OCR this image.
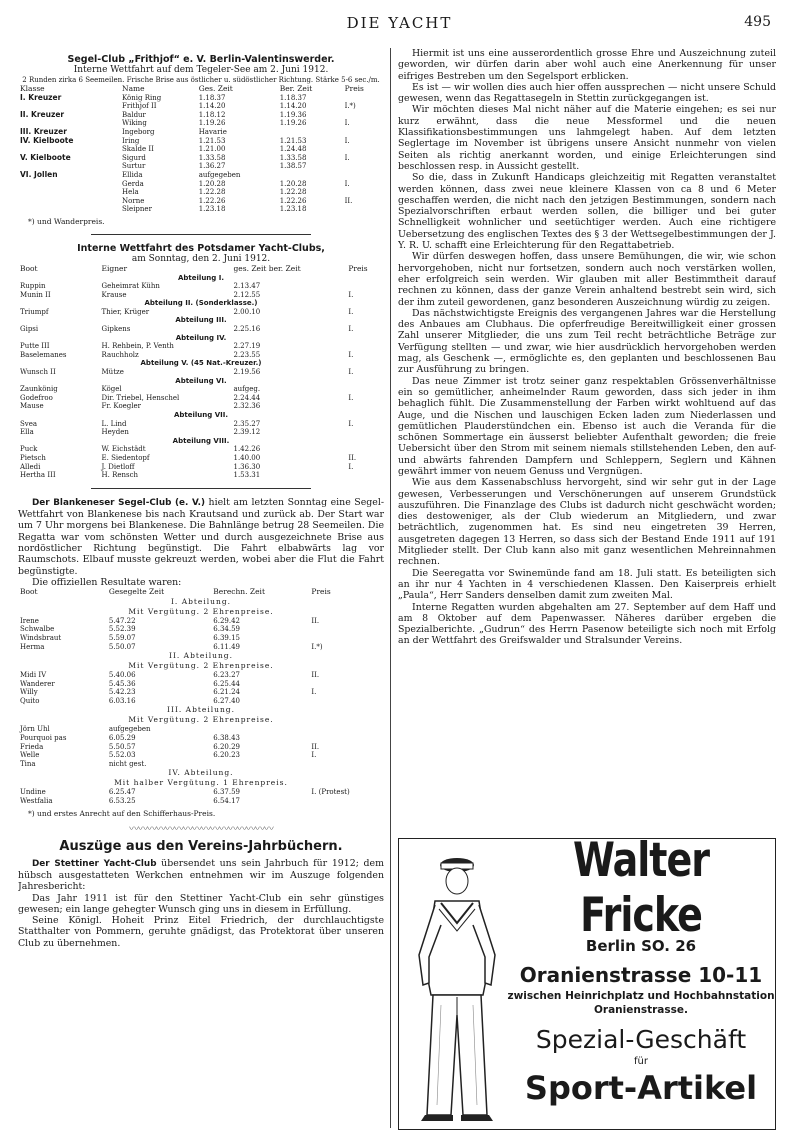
DIE YACHT	495
Segel-Club „Frithjof“ e. V. Berlin-Valentinswerder.
Interne Wettfahrt auf dem Tegeler-See am 2. Juni 1912.
2 Runden zirka 6 Seemeilen. Frische Brise aus östlicher u. südöstlicher Richtung. Stärke 5-6 sec./m.
Klasse	Name	Ges. Zeit	Ber. Zeit	Preis
I. Kreuzer	König Ring	1.18.37	1.18.37	
	Frithjof II	1.14.20	1.14.20	I.*)
II. Kreuzer	Baldur	1.18.12	1.19.36	
	Wiking	1.19.26	1.19.26	I.
III. Kreuzer	Ingeborg	Havarie		
IV. Kielboote	Iring	1.21.53	1.21.53	I.
	Skalde II	1.21.00	1.24.48	
V. Kielboote	Sigurd	1.33.58	1.33.58	I.
	Surtur	1.36.27	1.38.57	
VI. Jollen	Ellida	aufgegeben		
	Gerda	1.20.28	1.20.28	I.
	Hela	1.22.28	1.22.28	
	Norne	1.22.26	1.22.26	II.
	Sleipner	1.23.18	1.23.18	
*) und Wanderpreis.
Interne Wettfahrt des Potsdamer Yacht-Clubs,
am Sonntag, den 2. Juni 1912.
Boot	Eigner	ges. Zeit ber. Zeit	Preis
Abteilung I.			
Ruppin	Geheimrat Kühn	2.13.47	
Munin II	Krause	2.12.55	I.
Abteilung II. (Sonderklasse.)			
Triumpf	Thier, Krüger	2.00.10	I.
Abteilung III.			
Gipsi	Gipkens	2.25.16	I.
Abteilung IV.			
Putte III	H. Rehbein, P. Venth	2.27.19	
Baselemanes	Rauchholz	2.23.55	I.
Abteilung V. (45 Nat.-Kreuzer.)			
Wunsch II	Mütze	2.19.56	I.
Abteilung VI.			
Zaunkönig	Kögel	aufgeg.	
Godefroo	Dir. Triebel, Henschel	2.24.44	I.
Mause	Fr. Koegler	2.32.36	
Abteilung VII.			
Svea	L. Lind	2.35.27	I.
Ella	Heyden	2.39.12	
Abteilung VIII.			
Puck	W. Eichstädt	1.42.26	
Pietsch	E. Siedentopf	1.40.00	II.
Alledi	J. Dietloff	1.36.30	I.
Hertha III	H. Rensch	1.53.31	

Der Blankeneser Segel-Club (e. V.) hielt am letzten Sonntag eine Segel-Wettfahrt von Blankenese bis nach Krautsand und zurück ab. Der Start war um 7 Uhr morgens bei Blankenese. Die Bahnlänge betrug 28 Seemeilen. Die Regatta war vom schönsten Wetter und durch ausgezeichnete Brise aus nordöstlicher Richtung begünstigt. Die Fahrt elbabwärts lag vor Raumschots. Elbauf musste gekreuzt werden, wobei aber die Flut die Fahrt begünstigte.

Die offiziellen Resultate waren:

Boot	Gesegelte Zeit	Berechn. Zeit	Preis
I. Abteilung.			
Mit Vergütung. 2 Ehrenpreise.			
Irene	5.47.22	6.29.42	II.
Schwalbe	5.52.39	6.34.59	
Windsbraut	5.59.07	6.39.15	
Herma	5.50.07	6.11.49	I.*)
II. Abteilung.			
Mit Vergütung. 2 Ehrenpreise.			
Midi IV	5.40.06	6.23.27	II.
Wanderer	5.45.36	6.25.44	
Willy	5.42.23	6.21.24	I.
Quito	6.03.16	6.27.40	
III. Abteilung.			
Mit Vergütung. 2 Ehrenpreise.			
Jörn Uhl	aufgegeben		
Pourquoi pas	6.05.29	6.38.43	
Frieda	5.50.57	6.20.29	II.
Welle	5.52.03	6.20.23	I.
Tina	nicht gest.		
IV. Abteilung.			
Mit halber Vergütung. 1 Ehrenpreis.			
Undine	6.25.47	6.37.59	I. (Protest)
Westfalia	6.53.25	6.54.17	
*) und erstes Anrecht auf den Schifferhaus-Preis.
〰〰〰〰〰〰〰〰〰〰〰〰〰〰〰〰
Auszüge aus den Vereins-Jahrbüchern.

Der Stettiner Yacht-Club übersendet uns sein Jahrbuch für 1912; dem hübsch ausgestatteten Werkchen entnehmen wir im Auszuge folgenden Jahresbericht:

Das Jahr 1911 ist für den Stettiner Yacht-Club ein sehr günstiges gewesen; ein lange gehegter Wunsch ging uns in diesem in Erfüllung.

Seine Königl. Hoheit Prinz Eitel Friedrich, der durchlauchtigste Statthalter von Pommern, geruhte gnädigst, das Protektorat über unseren Club zu übernehmen.

Hiermit ist uns eine ausserordentlich grosse Ehre und Auszeichnung zuteil geworden, wir dürfen darin aber wohl auch eine Anerkennung für unser eifriges Bestreben um den Segelsport erblicken.

Es ist — wir wollen dies auch hier offen aussprechen — nicht unsere Schuld gewesen, wenn das Regattasegeln in Stettin zurückgegangen ist.

Wir möchten dieses Mal nicht näher auf die Materie eingehen; es sei nur kurz erwähnt, dass die neue Messformel und die neuen Klassifikationsbestimmungen uns lahmgelegt haben. Auf dem letzten Seglertage im November ist übrigens unsere Ansicht nunmehr von vielen Seiten als richtig anerkannt worden, und einige Erleichterungen sind beschlossen resp. in Aussicht gestellt.

So die, dass in Zukunft Handicaps gleichzeitig mit Regatten veranstaltet werden können, dass zwei neue kleinere Klassen von ca 8 und 6 Meter geschaffen werden, die nicht nach den jetzigen Bestimmungen, sondern nach Spezialvorschriften erbaut werden sollen, die billiger und bei guter Schnelligkeit wohnlicher und seetüchtiger werden. Auch eine richtigere Uebersetzung des englischen Textes des § 3 der Wettsegelbestimmungen der J. Y. R. U. schafft eine Erleichterung für den Regattabetrieb.

Wir dürfen deswegen hoffen, dass unsere Bemühungen, die wir, wie schon hervorgehoben, nicht nur fortsetzen, sondern auch noch verstärken wollen, eher erfolgreich sein werden. Wir glauben mit aller Bestimmtheit darauf rechnen zu können, dass der ganze Verein anhaltend bestrebt sein wird, sich der ihm zuteil gewordenen, ganz besonderen Auszeichnung würdig zu zeigen.

Das nächstwichtigste Ereignis des vergangenen Jahres war die Herstellung des Anbaues am Clubhaus. Die opferfreudige Bereitwilligkeit einer grossen Zahl unserer Mitglieder, die uns zum Teil recht beträchtliche Beträge zur Verfügung stellten — und zwar, wie hier ausdrücklich hervorgehoben werden mag, als Geschenk —, ermöglichte es, den geplanten und beschlossenen Bau zur Ausführung zu bringen.

Das neue Zimmer ist trotz seiner ganz respektablen Grössenverhältnisse ein so gemütlicher, anheimelnder Raum geworden, dass sich jeder in ihm behaglich fühlt. Die Zusammenstellung der Farben wirkt wohltuend auf das Auge, und die Nischen und lauschigen Ecken laden zum Niederlassen und gemütlichen Plauderstündchen ein. Ebenso ist auch die Veranda für die schönen Sommertage ein äusserst beliebter Aufenthalt geworden; die freie Uebersicht über den Strom mit seinem niemals stillstehenden Leben, den auf- und abwärts fahrenden Dampfern und Schleppern, Seglern und Kähnen gewährt immer von neuem Genuss und Vergnügen.

Wie aus dem Kassenabschluss hervorgeht, sind wir sehr gut in der Lage gewesen, Verbesserungen und Verschönerungen auf unserem Grundstück auszuführen. Die Finanzlage des Clubs ist dadurch nicht geschwächt worden; dies destoweniger, als der Club wiederum an Mitgliedern, und zwar beträchtlich, zugenommen hat. Es sind neu eingetreten 39 Herren, ausgetreten dagegen 13 Herren, so dass sich der Bestand Ende 1911 auf 191 Mitglieder stellt. Der Club kann also mit ganz wesentlichen Mehreinnahmen rechnen.

Die Seeregatta vor Swinemünde fand am 18. Juli statt. Es beteiligten sich an ihr nur 4 Yachten in 4 verschiedenen Klassen. Den Kaiserpreis erhielt „Paula“, Herr Sanders denselben damit zum zweiten Mal.

Interne Regatten wurden abgehalten am 27. September auf dem Haff und am 8 Oktober auf dem Papenwasser. Näheres darüber ergeben die Spezialberichte. „Gudrun“ des Herrn Pasenow beteiligte sich noch mit Erfolg an der Wettfahrt des Greifswalder und Stralsunder Vereins.

Walter Fricke
Berlin SO. 26
Oranienstrasse 10-11
zwischen Heinrichplatz und Hochbahnstation Oranienstrasse.
Spezial-Geschäft
für
Sport-Artikel
